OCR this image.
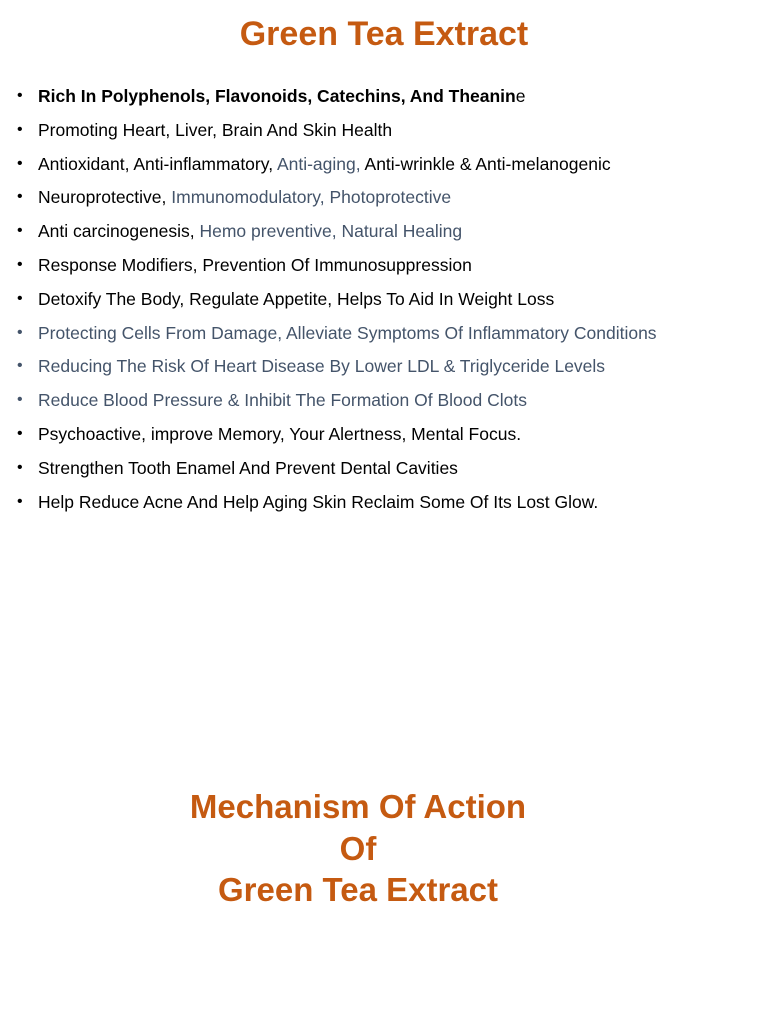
Green Tea Extract
• Rich In Polyphenols, Flavonoids, Catechins, And Theanine
• Promoting Heart, Liver, Brain And Skin Health
• Antioxidant, Anti-inflammatory, Anti-aging, Anti-wrinkle & Anti-melanogenic
• Neuroprotective, Immunomodulatory, Photoprotective
• Anti carcinogenesis, Hemo preventive, Natural Healing
• Response Modifiers, Prevention Of Immunosuppression
• Detoxify The Body, Regulate Appetite, Helps To Aid In Weight Loss
• Protecting Cells From Damage, Alleviate Symptoms Of Inflammatory Conditions
• Reducing The Risk Of Heart Disease By Lower LDL & Triglyceride Levels
• Reduce Blood Pressure & Inhibit The Formation Of Blood Clots
• Psychoactive, improve Memory, Your Alertness, Mental Focus.
• Strengthen Tooth Enamel And Prevent Dental Cavities
• Help Reduce Acne And Help Aging Skin Reclaim Some Of Its Lost Glow.
Mechanism Of Action
Of
Green Tea Extract
